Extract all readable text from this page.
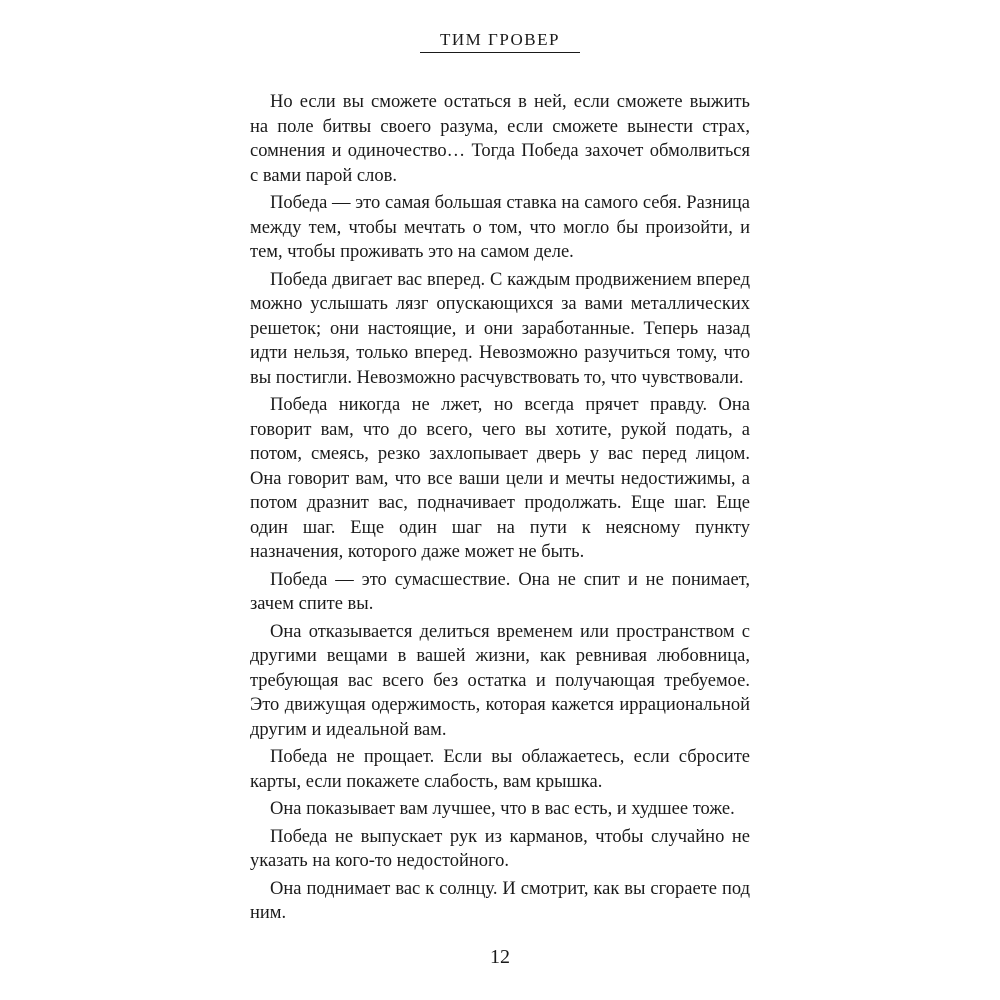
ТИМ ГРОВЕР

Но если вы сможете остаться в ней, если сможете выжить на поле битвы своего разума, если сможете вынести страх, сомнения и одиночество… Тогда Победа захочет обмолвиться с вами парой слов.

Победа — это самая большая ставка на самого себя. Разница между тем, чтобы мечтать о том, что могло бы произойти, и тем, чтобы проживать это на самом деле.

Победа двигает вас вперед. С каждым продвижением вперед можно услышать лязг опускающихся за вами металлических решеток; они настоящие, и они заработанные. Теперь назад идти нельзя, только вперед. Невозможно разучиться тому, что вы постигли. Невозможно расчувствовать то, что чувствовали.

Победа никогда не лжет, но всегда прячет правду. Она говорит вам, что до всего, чего вы хотите, рукой подать, а потом, смеясь, резко захлопывает дверь у вас перед лицом. Она говорит вам, что все ваши цели и мечты недостижимы, а потом дразнит вас, подначивает продолжать. Еще шаг. Еще один шаг. Еще один шаг на пути к неясному пункту назначения, которого даже может не быть.

Победа — это сумасшествие. Она не спит и не понимает, зачем спите вы.

Она отказывается делиться временем или пространством с другими вещами в вашей жизни, как ревнивая любовница, требующая вас всего без остатка и получающая требуемое. Это движущая одержимость, которая кажется иррациональной другим и идеальной вам.

Победа не прощает. Если вы облажаетесь, если сбросите карты, если покажете слабость, вам крышка.

Она показывает вам лучшее, что в вас есть, и худшее тоже.

Победа не выпускает рук из карманов, чтобы случайно не указать на кого-то недостойного.

Она поднимает вас к солнцу. И смотрит, как вы сгораете под ним.

12
